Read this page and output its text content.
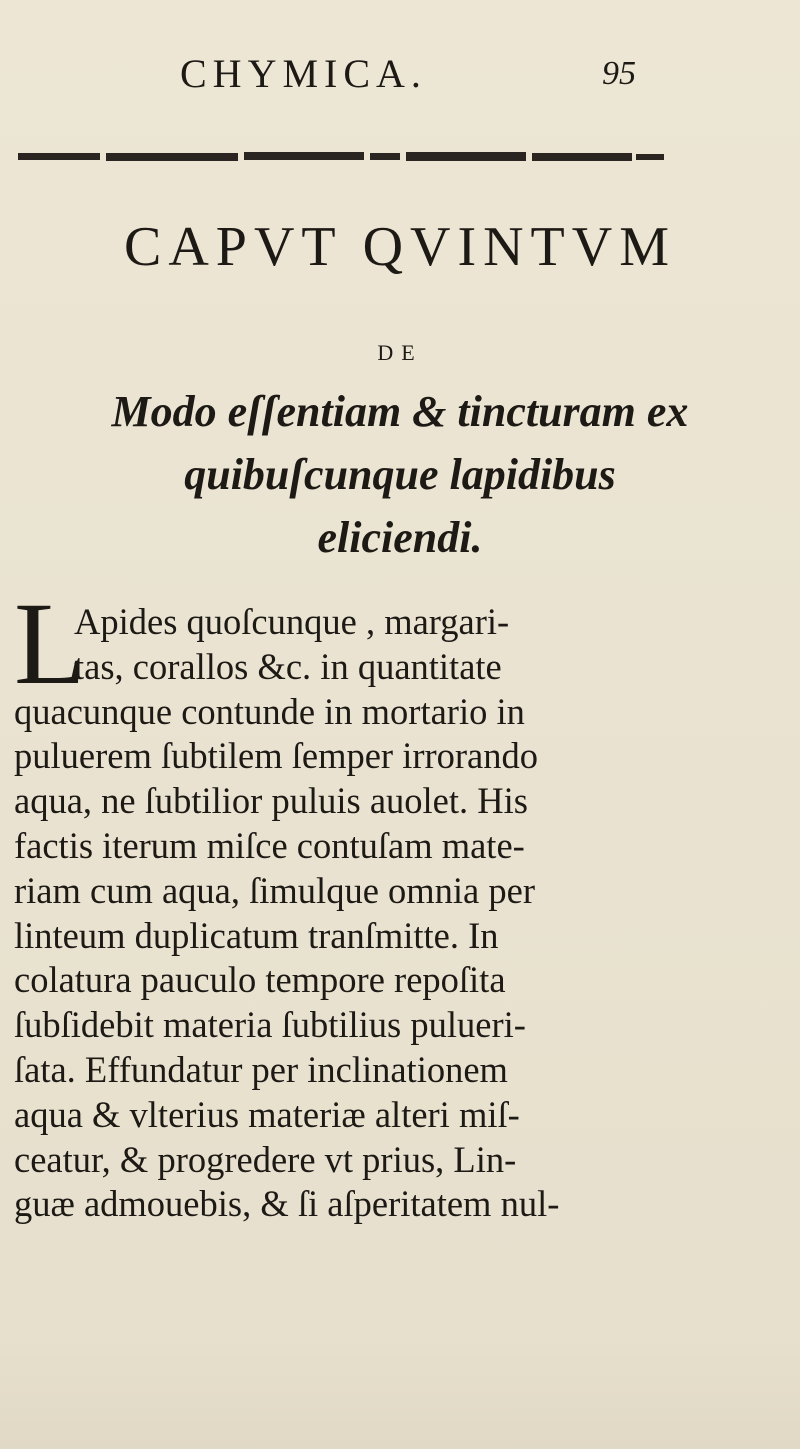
CHYMICA.	95
CAPVT QVINTVM
DE
Modo eſſentiam & tincturam ex
quibuſcunque lapidibus
eliciendi.
L
Apides quoſcunque , margari-
tas, corallos &c. in quantitate
quacunque contunde in mortario in
puluerem ſubtilem ſemper irrorando
aqua, ne ſubtilior puluis auolet. His
factis iterum miſce contuſam mate-
riam cum aqua, ſimulque omnia per
linteum duplicatum tranſmitte. In
colatura pauculo tempore repoſita
ſubſidebit materia ſubtilius pulueri-
ſata. Effundatur per inclinationem
aqua & vlterius materiæ alteri miſ-
ceatur, & progredere vt prius, Lin-
guæ admouebis, & ſi aſperitatem nul-
